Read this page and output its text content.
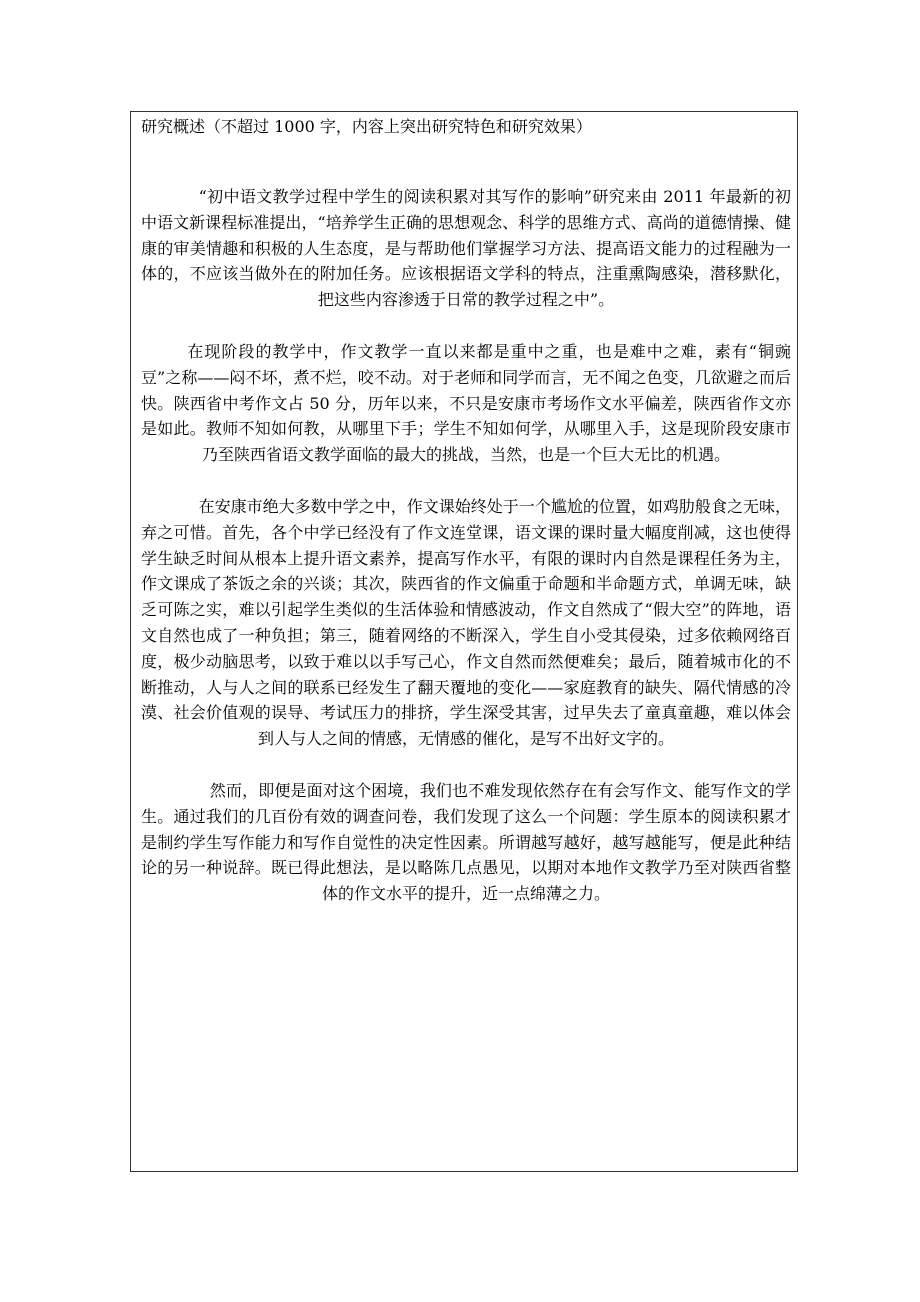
研究概述（不超过 1000 字，内容上突出研究特色和研究效果）

“初中语文教学过程中学生的阅读积累对其写作的影响”研究来由 2011 年最新的初中语文新课程标准提出，“培养学生正确的思想观念、科学的思维方式、高尚的道德情操、健康的审美情趣和积极的人生态度，是与帮助他们掌握学习方法、提高语文能力的过程融为一体的，不应该当做外在的附加任务。应该根据语文学科的特点，注重熏陶感染，潜移默化，把这些内容渗透于日常的教学过程之中”。

在现阶段的教学中，作文教学一直以来都是重中之重，也是难中之难，素有“铜豌豆”之称——闷不坏，煮不烂，咬不动。对于老师和同学而言，无不闻之色变，几欲避之而后快。陕西省中考作文占 50 分，历年以来，不只是安康市考场作文水平偏差，陕西省作文亦是如此。教师不知如何教，从哪里下手；学生不知如何学，从哪里入手，这是现阶段安康市乃至陕西省语文教学面临的最大的挑战，当然，也是一个巨大无比的机遇。

在安康市绝大多数中学之中，作文课始终处于一个尴尬的位置，如鸡肋般食之无味，弃之可惜。首先，各个中学已经没有了作文连堂课，语文课的课时量大幅度削减，这也使得学生缺乏时间从根本上提升语文素养，提高写作水平，有限的课时内自然是课程任务为主，作文课成了茶饭之余的兴谈；其次，陕西省的作文偏重于命题和半命题方式，单调无味，缺乏可陈之实，难以引起学生类似的生活体验和情感波动，作文自然成了“假大空”的阵地，语文自然也成了一种负担；第三，随着网络的不断深入，学生自小受其侵染，过多依赖网络百度，极少动脑思考，以致于难以以手写己心，作文自然而然便难矣；最后，随着城市化的不断推动，人与人之间的联系已经发生了翻天覆地的变化——家庭教育的缺失、隔代情感的冷漠、社会价值观的误导、考试压力的排挤，学生深受其害，过早失去了童真童趣，难以体会到人与人之间的情感，无情感的催化，是写不出好文字的。

然而，即便是面对这个困境，我们也不难发现依然存在有会写作文、能写作文的学生。通过我们的几百份有效的调查问卷，我们发现了这么一个问题：学生原本的阅读积累才是制约学生写作能力和写作自觉性的决定性因素。所谓越写越好，越写越能写，便是此种结论的另一种说辞。既已得此想法，是以略陈几点愚见，以期对本地作文教学乃至对陕西省整体的作文水平的提升，近一点绵薄之力。
